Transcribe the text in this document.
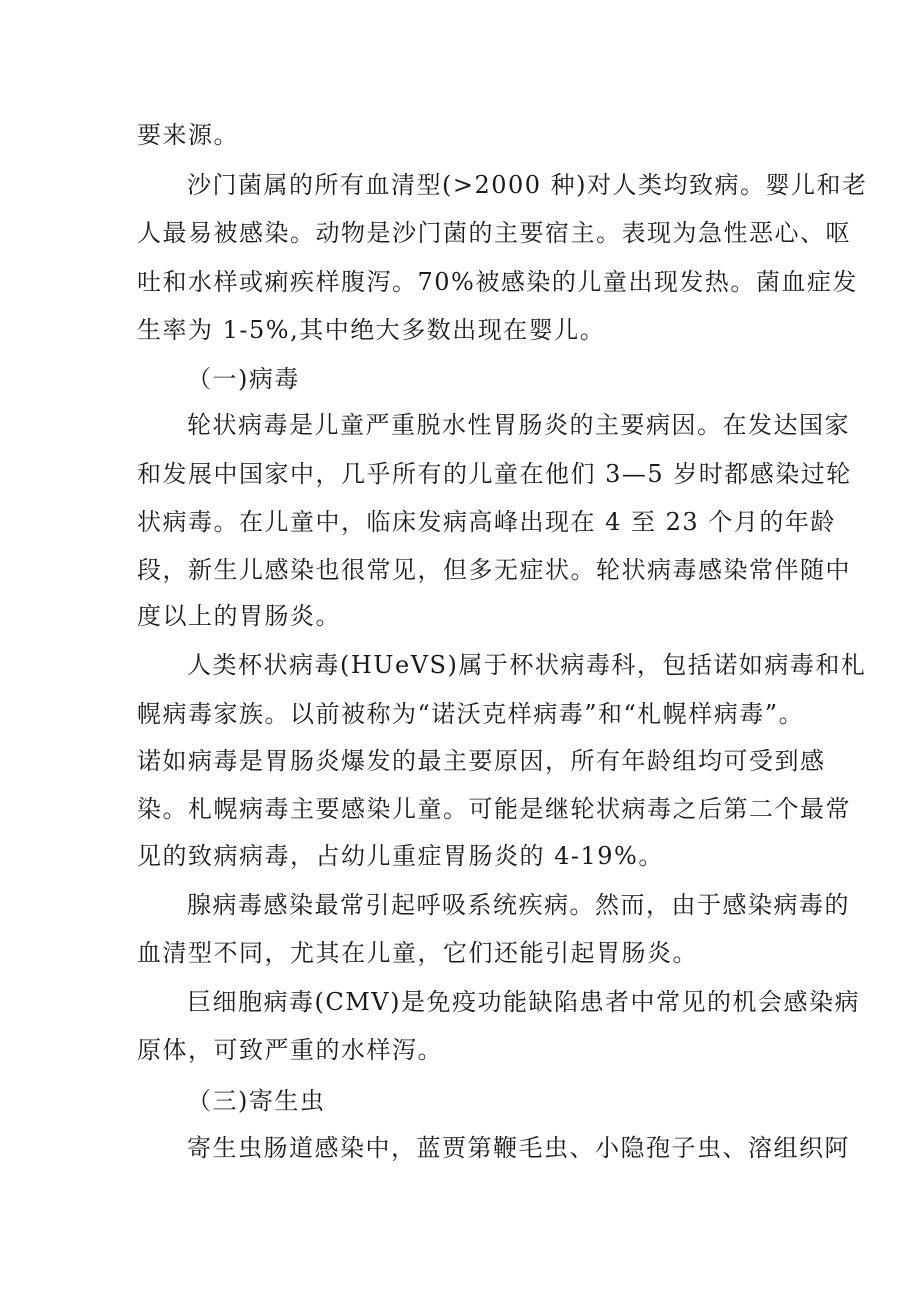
要来源。
沙门菌属的所有血清型(>2000 种)对人类均致病。婴儿和老
人最易被感染。动物是沙门菌的主要宿主。表现为急性恶心、呕
吐和水样或痢疾样腹泻。70%被感染的儿童出现发热。菌血症发
生率为 1-5%,其中绝大多数出现在婴儿。
（一)病毒
轮状病毒是儿童严重脱水性胃肠炎的主要病因。在发达国家
和发展中国家中，几乎所有的儿童在他们 3—5 岁时都感染过轮
状病毒。在儿童中，临床发病高峰出现在 4 至 23 个月的年龄
段，新生儿感染也很常见，但多无症状。轮状病毒感染常伴随中
度以上的胃肠炎。
人类杯状病毒(HUeVS)属于杯状病毒科，包括诺如病毒和札
幌病毒家族。以前被称为“诺沃克样病毒”和“札幌样病毒”。
诺如病毒是胃肠炎爆发的最主要原因，所有年龄组均可受到感
染。札幌病毒主要感染儿童。可能是继轮状病毒之后第二个最常
见的致病病毒，占幼儿重症胃肠炎的 4-19%。
腺病毒感染最常引起呼吸系统疾病。然而，由于感染病毒的
血清型不同，尤其在儿童，它们还能引起胃肠炎。
巨细胞病毒(CMV)是免疫功能缺陷患者中常见的机会感染病
原体，可致严重的水样泻。
（三)寄生虫
寄生虫肠道感染中，蓝贾第鞭毛虫、小隐孢子虫、溶组织阿
